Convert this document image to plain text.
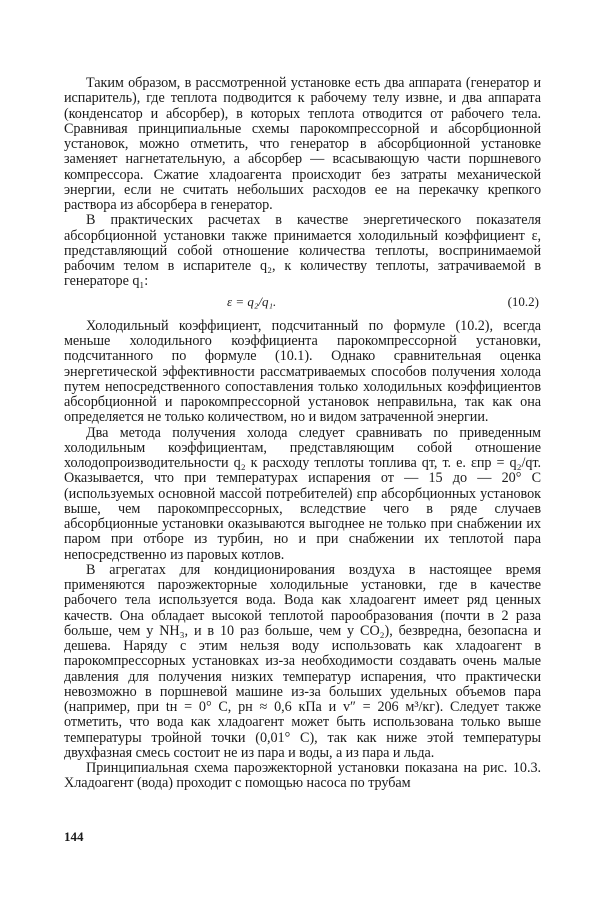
Таким образом, в рассмотренной установке есть два аппарата (генератор и испаритель), где теплота подводится к рабочему телу извне, и два аппарата (конденсатор и абсорбер), в которых теплота отводится от рабочего тела. Сравнивая принципиальные схемы парокомпрессорной и абсорбционной установок, можно отметить, что генератор в абсорбционной установке заменяет нагнетательную, а абсорбер — всасывающую части поршневого компрессора. Сжатие хладоагента происходит без затраты механической энергии, если не считать небольших расходов ее на перекачку крепкого раствора из абсорбера в генератор.

В практических расчетах в качестве энергетического показателя абсорбционной установки также принимается холодильный коэффициент ε, представляющий собой отношение количества теплоты, воспринимаемой рабочим телом в испарителе q₂, к количеству теплоты, затрачиваемой в генераторе q₁:

ε = q₂/q₁.	(10.2)

Холодильный коэффициент, подсчитанный по формуле (10.2), всегда меньше холодильного коэффициента парокомпрессорной установки, подсчитанного по формуле (10.1). Однако сравнительная оценка энергетической эффективности рассматриваемых способов получения холода путем непосредственного сопоставления только холодильных коэффициентов абсорбционной и парокомпрессорной установок неправильна, так как она определяется не только количеством, но и видом затраченной энергии.

Два метода получения холода следует сравнивать по приведенным холодильным коэффициентам, представляющим собой отношение холодопроизводительности q₂ к расходу теплоты топлива qт, т. е. εпр = q₂/qт. Оказывается, что при температурах испарения от — 15 до — 20° С (используемых основной массой потребителей) εпр абсорбционных установок выше, чем парокомпрессорных, вследствие чего в ряде случаев абсорбционные установки оказываются выгоднее не только при снабжении их паром при отборе из турбин, но и при снабжении их теплотой пара непосредственно из паровых котлов.

В агрегатах для кондиционирования воздуха в настоящее время применяются пароэжекторные холодильные установки, где в качестве рабочего тела используется вода. Вода как хладоагент имеет ряд ценных качеств. Она обладает высокой теплотой парообразования (почти в 2 раза больше, чем у NH₃, и в 10 раз больше, чем у CO₂), безвредна, безопасна и дешева. Наряду с этим нельзя воду использовать как хладоагент в парокомпрессорных установках из-за необходимости создавать очень малые давления для получения низких температур испарения, что практически невозможно в поршневой машине из-за больших удельных объемов пара (например, при tн = 0° С, pн ≈ 0,6 кПа и v″ = 206 м³/кг). Следует также отметить, что вода как хладоагент может быть использована только выше температуры тройной точки (0,01° С), так как ниже этой температуры двухфазная смесь состоит не из пара и воды, а из пара и льда.

Принципиальная схема пароэжекторной установки показана на рис. 10.3. Хладоагент (вода) проходит с помощью насоса по трубам

144
